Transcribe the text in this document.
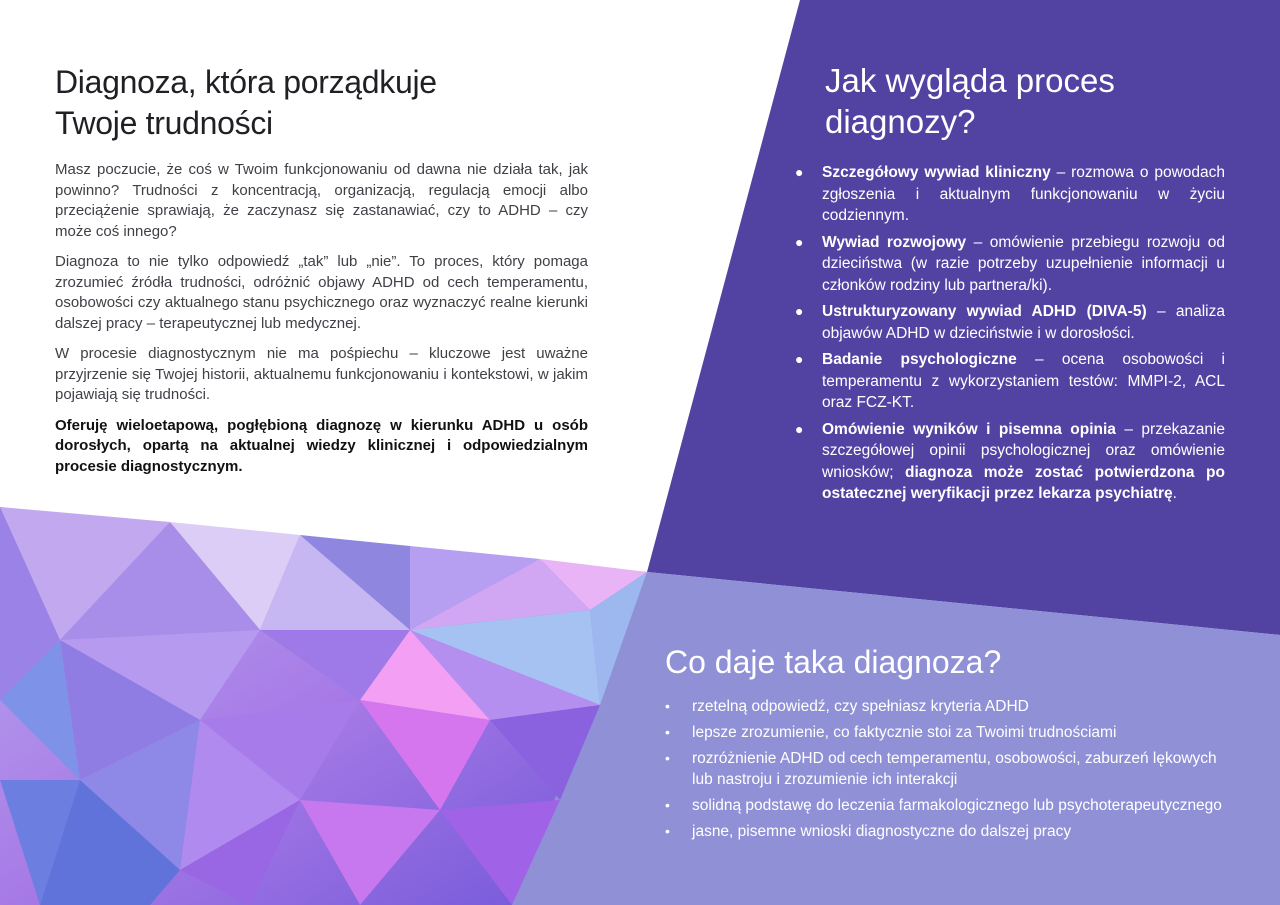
Diagnoza, która porządkuje
Twoje trudności

Masz poczucie, że coś w Twoim funkcjonowaniu od dawna nie działa tak, jak powinno? Trudności z koncentracją, organizacją, regulacją emocji albo przeciążenie sprawiają, że zaczynasz się zastanawiać, czy to ADHD – czy może coś innego?

Diagnoza to nie tylko odpowiedź „tak” lub „nie”. To proces, który pomaga zrozumieć źródła trudności, odróżnić objawy ADHD od cech temperamentu, osobowości czy aktualnego stanu psychicznego oraz wyznaczyć realne kierunki dalszej pracy – terapeutycznej lub medycznej.

W procesie diagnostycznym nie ma pośpiechu – kluczowe jest uważne przyjrzenie się Twojej historii, aktualnemu funkcjonowaniu i kontekstowi, w jakim pojawiają się trudności.

Oferuję wieloetapową, pogłębioną diagnozę w kierunku ADHD u osób dorosłych, opartą na aktualnej wiedzy klinicznej i odpowiedzialnym procesie diagnostycznym.

Jak wygląda proces
diagnozy?
● Szczegółowy wywiad kliniczny – rozmowa o powodach zgłoszenia i aktualnym funkcjonowaniu w życiu codziennym.
● Wywiad rozwojowy – omówienie przebiegu rozwoju od dzieciństwa (w razie potrzeby uzupełnienie informacji u członków rodziny lub partnera/ki).
● Ustrukturyzowany wywiad ADHD (DIVA-5) – analiza objawów ADHD w dzieciństwie i w dorosłości.
● Badanie psychologiczne – ocena osobowości i temperamentu z wykorzystaniem testów: MMPI-2, ACL oraz FCZ-KT.
● Omówienie wyników i pisemna opinia – przekazanie szczegółowej opinii psychologicznej oraz omówienie wniosków; diagnoza może zostać potwierdzona po ostatecznej weryfikacji przez lekarza psychiatrę.
Co daje taka diagnoza?
• rzetelną odpowiedź, czy spełniasz kryteria ADHD
• lepsze zrozumienie, co faktycznie stoi za Twoimi trudnościami
• rozróżnienie ADHD od cech temperamentu, osobowości, zaburzeń lękowych lub nastroju i zrozumienie ich interakcji
• solidną podstawę do leczenia farmakologicznego lub psychoterapeutycznego
• jasne, pisemne wnioski diagnostyczne do dalszej pracy
